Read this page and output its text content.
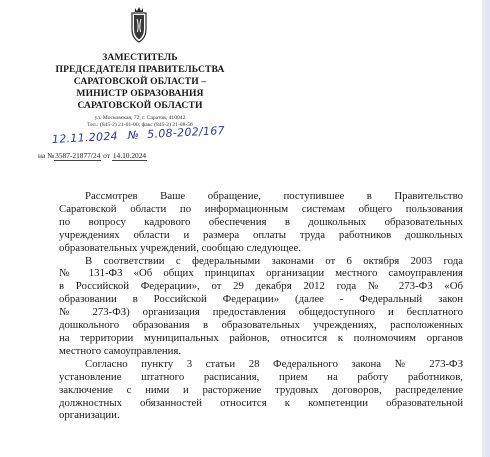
ЗАМЕСТИТЕЛЬ
ПРЕДСЕДАТЕЛЯ ПРАВИТЕЛЬСТВА
САРАТОВСКОЙ ОБЛАСТИ –
МИНИСТР ОБРАЗОВАНИЯ
САРАТОВСКОЙ ОБЛАСТИ
ул. Московская, 72, г. Саратов, 410042
Тел.: (845-2) 21-01-00; факс (845-2) 21-08-56
12.11.2024 № 5.08-202/167
на №3587-21877/24 от 14.10.2024
Рассмотрев Ваше обращение, поступившее в Правительство
Саратовской области по информационным системам общего пользования
по вопросу кадрового обеспечения в дошкольных образовательных
учреждениях области и размера оплаты труда работников дошкольных
образовательных учреждений, сообщаю следующее.
В соответствии с федеральными законами от 6 октября 2003 года
№ 131-ФЗ «Об общих принципах организации местного самоуправления
в Российской Федерации», от 29 декабря 2012 года № 273-ФЗ «Об
образовании в Российской Федерации» (далее - Федеральный закон
№ 273-ФЗ) организация предоставления общедоступного и бесплатного
дошкольного образования в образовательных учреждениях, расположенных
на территории муниципальных районов, относится к полномочиям органов
местного самоуправления.
Согласно пункту 3 статьи 28 Федерального закона № 273-ФЗ
установление штатного расписания, прием на работу работников,
заключение с ними и расторжение трудовых договоров, распределение
должностных обязанностей относится к компетенции образовательной
организации.
